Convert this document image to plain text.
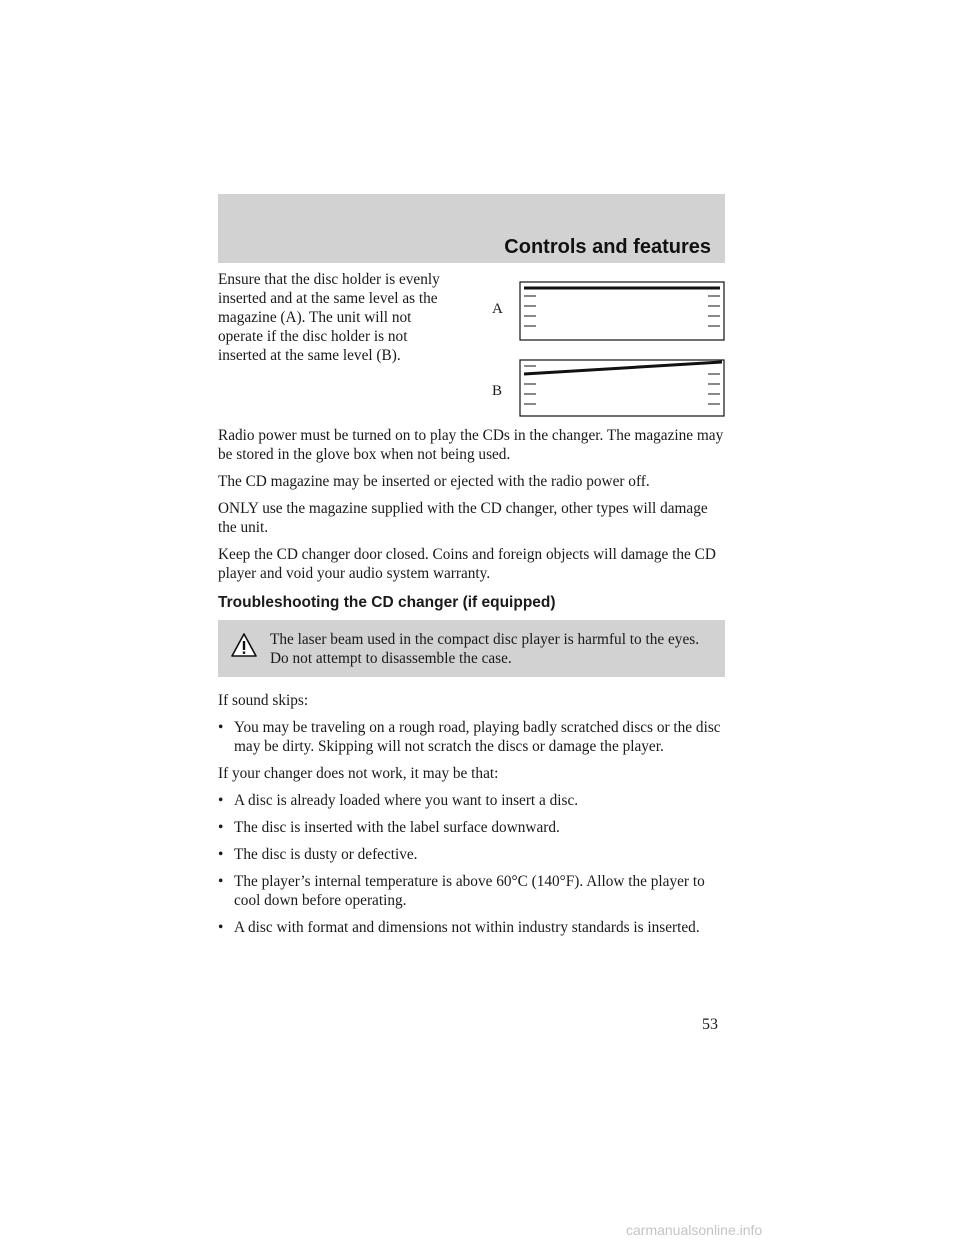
Controls and features

Ensure that the disc holder is evenly inserted and at the same level as the magazine (A). The unit will not operate if the disc holder is not inserted at the same level (B).

A
B

Radio power must be turned on to play the CDs in the changer. The magazine may be stored in the glove box when not being used.

The CD magazine may be inserted or ejected with the radio power off.

ONLY use the magazine supplied with the CD changer, other types will damage the unit.

Keep the CD changer door closed. Coins and foreign objects will damage the CD player and void your audio system warranty.

Troubleshooting the CD changer (if equipped)
The laser beam used in the compact disc player is harmful to the eyes. Do not attempt to disassemble the case.

If sound skips:

• You may be traveling on a rough road, playing badly scratched discs or the disc may be dirty. Skipping will not scratch the discs or damage the player.

If your changer does not work, it may be that:

• A disc is already loaded where you want to insert a disc.
• The disc is inserted with the label surface downward.
• The disc is dusty or defective.
• The player’s internal temperature is above 60°C (140°F). Allow the player to cool down before operating.
• A disc with format and dimensions not within industry standards is inserted.
53
carmanualsonline.info
